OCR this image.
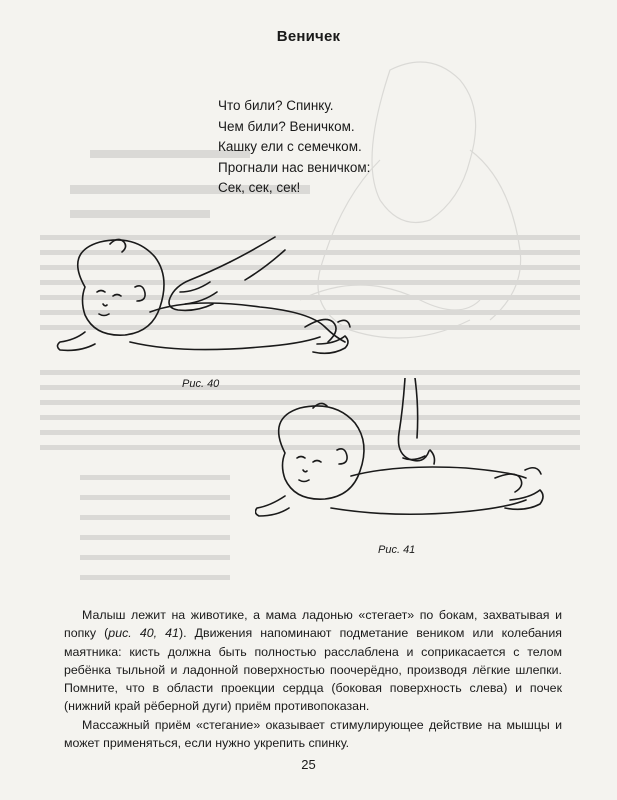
Веничек
Что били? Спинку.
Чем били? Веничком.
Кашку ели с семечком.
Прогнали нас веничком:
Сек, сек, сек!
Рис. 40
Рис. 41

Малыш лежит на животике, а мама ладонью «стегает» по бокам, захватывая и попку (рис. 40, 41). Движения напоминают подметание веником или колебания маятника: кисть должна быть полностью расслаблена и соприкасается с телом ребёнка тыльной и ладонной поверхностью поочерёдно, производя лёгкие шлепки. Помните, что в области проекции сердца (боковая поверхность слева) и почек (нижний край рёберной дуги) приём противопоказан.

Массажный приём «стегание» оказывает стимулирующее действие на мышцы и может применяться, если нужно укрепить спинку.

25
